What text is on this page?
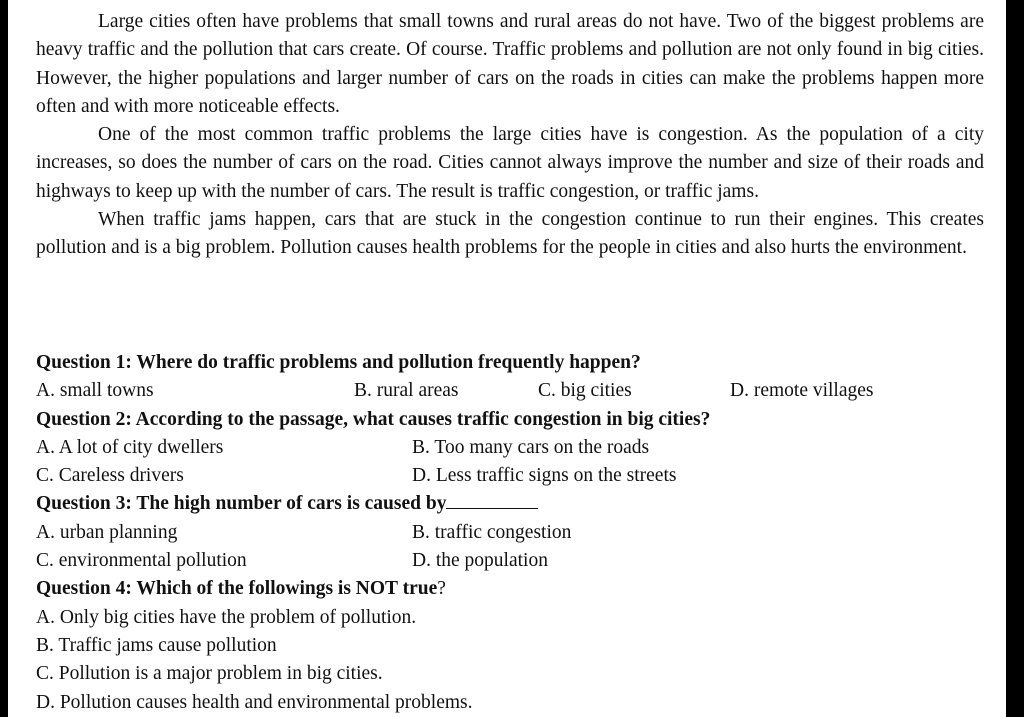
Large cities often have problems that small towns and rural areas do not have. Two of the biggest problems are heavy traffic and the pollution that cars create. Of course. Traffic problems and pollution are not only found in big cities. However, the higher populations and larger number of cars on the roads in cities can make the problems happen more often and with more noticeable effects.

One of the most common traffic problems the large cities have is congestion. As the population of a city increases, so does the number of cars on the road. Cities cannot always improve the number and size of their roads and highways to keep up with the number of cars. The result is traffic congestion, or traffic jams.

When traffic jams happen, cars that are stuck in the congestion continue to run their engines. This creates pollution and is a big problem. Pollution causes health problems for the people in cities and also hurts the environment.

Question 1: Where do traffic problems and pollution frequently happen?
A. small towns	B. rural areas	C. big cities	D. remote villages
Question 2: According to the passage, what causes traffic congestion in big cities?
A. A lot of city dwellers	B. Too many cars on the roads
C. Careless drivers	D. Less traffic signs on the streets
Question 3: The high number of cars is caused by
A. urban planning	B. traffic congestion
C. environmental pollution	D. the population
Question 4: Which of the followings is NOT true?
A. Only big cities have the problem of pollution.
B. Traffic jams cause pollution
C. Pollution is a major problem in big cities.
D. Pollution causes health and environmental problems.
